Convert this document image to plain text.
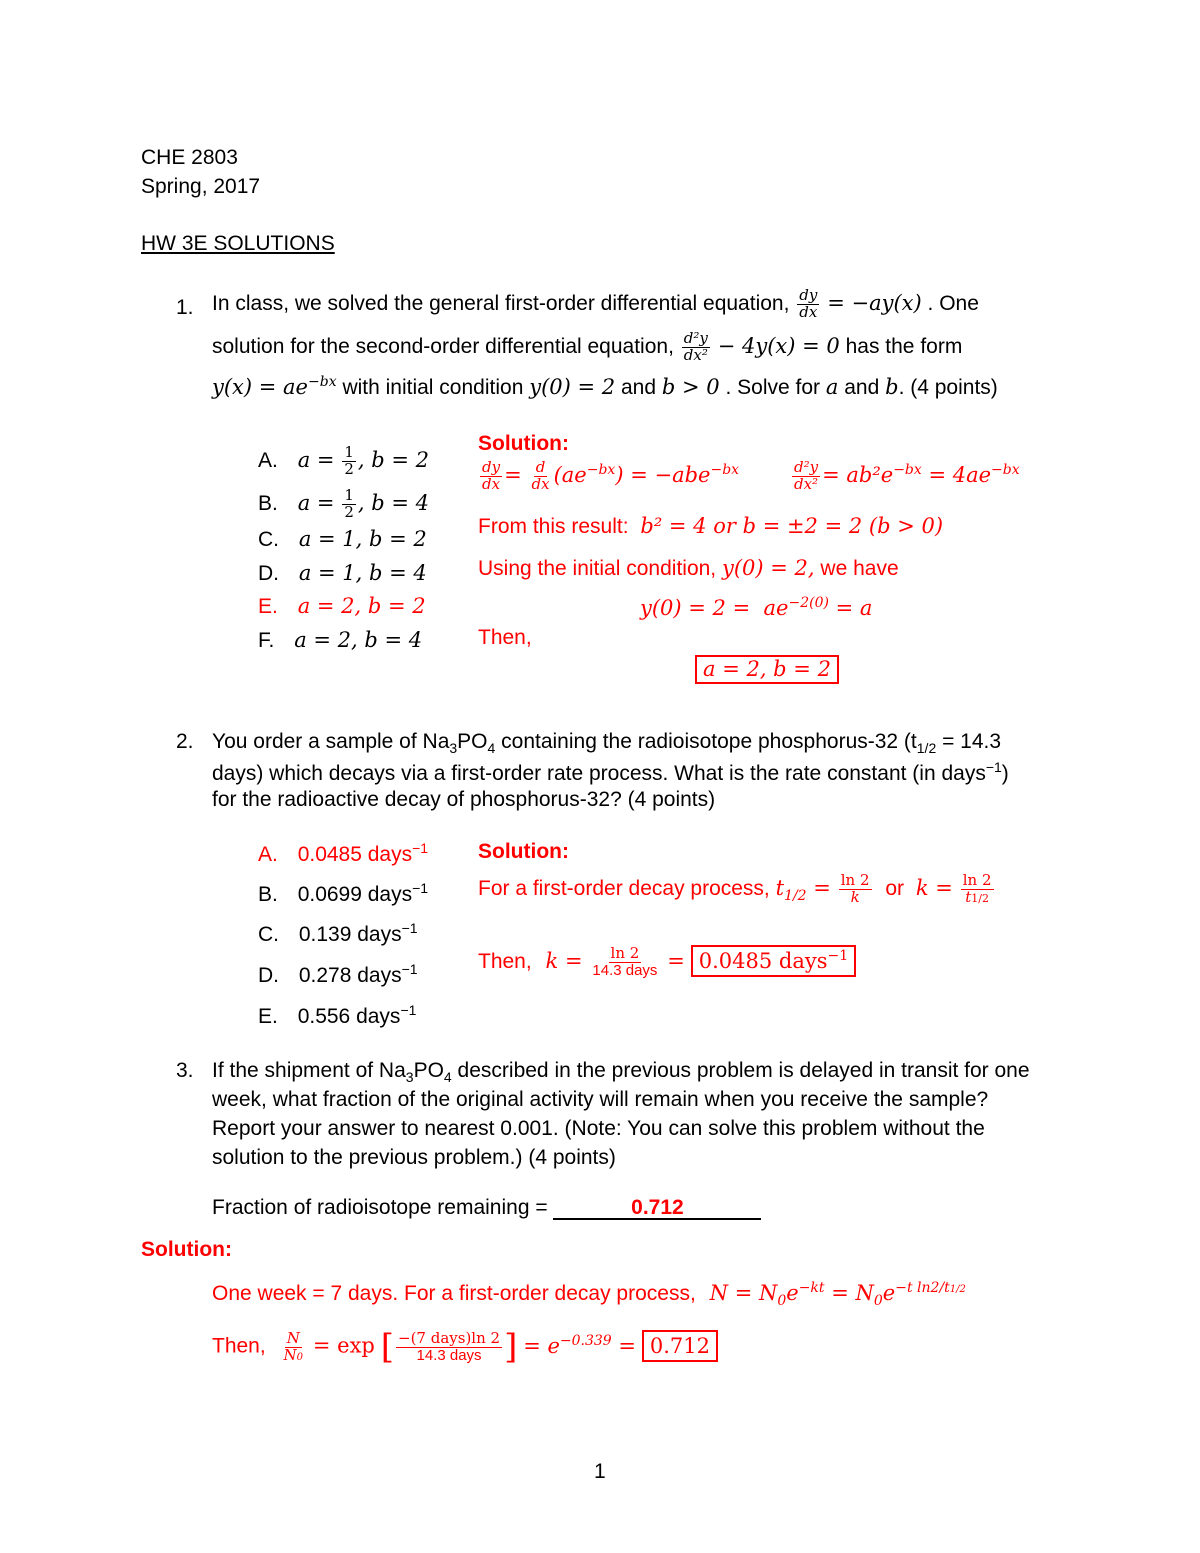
CHE 2803
Spring, 2017
HW 3E SOLUTIONS
1. In class, we solved the general first-order differential equation, $\frac{dy}{dx} = -ay(x)$ . One
solution for the second-order differential equation, $\frac{\text{d²y}}{\text{dx²}} - 4y(x) = 0$ has the form
$y(x) = ae^{-bx}$ with initial condition y(0) = 2 and b > 0 . Solve for a and b. (4 points)
A. $a = \frac{1}{2}$ , b = 2
B. $a = \frac{1}{2}$ , b = 4
C. a = 1, b = 2
D. a = 1, b = 4
E. a = 2, b = 2
F. a = 2, b = 4
Solution:
$\frac{dy}{dx} = \frac{d}{dx} (ae^{-bx}) = -abe^{-bx}$	$\frac{\text{d²y}}{\text{dx²}} = ab^2e^{-bx} = 4ae^{-bx}$
From this result: b² = 4 or b = ±2 = 2 (b > 0)
Using the initial condition, y(0) = 2, we have
$y(0) = 2 = ae^{-2(0)} = a$
Then,
a = 2, b = 2
2. You order a sample of $Na_3PO_4$ containing the radioisotope phosphorus-32 ($t_{1/2} = 14.3$
days) which decays via a first-order rate process. What is the rate constant (in days$^{-1}$)
for the radioactive decay of phosphorus-32? (4 points)
A. 0.0485 days$^{-1}$
B. 0.0699 days$^{-1}$
C. 0.139 days$^{-1}$
D. 0.278 days$^{-1}$
E. 0.556 days$^{-1}$
Solution:
For a first-order decay process, $t_{1/2} = \frac{\ln 2}{k}$ or $k = \frac{\ln 2}{t1/2}$
Then, $k = \frac{\ln 2}{\text{14.3 days}} = 0.0485$ days$^{-1}$
3. If the shipment of $Na_3PO_4$ described in the previous problem is delayed in transit for one
week, what fraction of the original activity will remain when you receive the sample?
Report your answer to nearest 0.001. (Note: You can solve this problem without the
solution to the previous problem.) (4 points)
Fraction of radioisotope remaining =	0.712
Solution:
One week = 7 days. For a first-order decay process, $N = N_0e^{-kt} = N_0e^{-t ln2/t1/2}$
Then, $\frac{N}{N0} = \exp$ [ $\frac{\text{−(7 days)ln 2}}{\text{14.3 days}}$ ] = $e^{-0.339} = 0.712$
1
